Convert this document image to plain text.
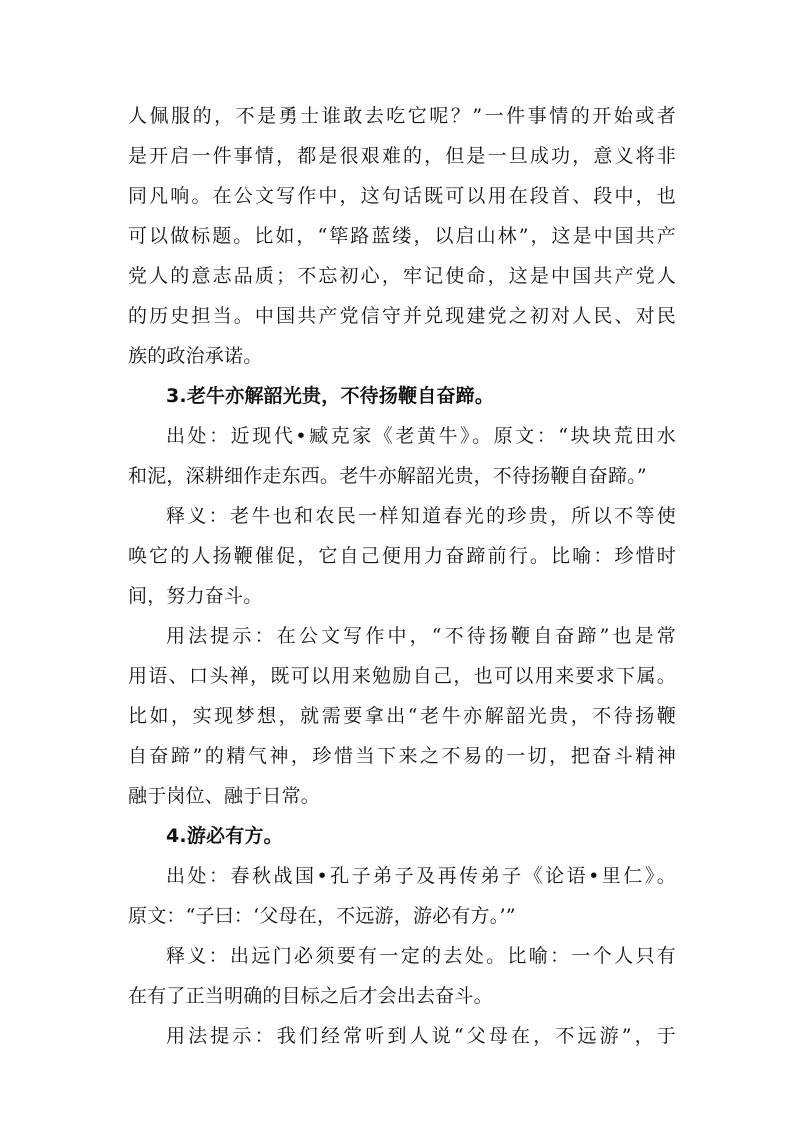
人佩服的，不是勇士谁敢去吃它呢？”一件事情的开始或者
是开启一件事情，都是很艰难的，但是一旦成功，意义将非
同凡响。在公文写作中，这句话既可以用在段首、段中，也
可以做标题。比如，“筚路蓝缕，以启山林”，这是中国共产
党人的意志品质；不忘初心，牢记使命，这是中国共产党人
的历史担当。中国共产党信守并兑现建党之初对人民、对民
族的政治承诺。
3.老牛亦解韶光贵，不待扬鞭自奋蹄。
出处：近现代•臧克家《老黄牛》。原文：“块块荒田水
和泥，深耕细作走东西。老牛亦解韶光贵，不待扬鞭自奋蹄。”
释义：老牛也和农民一样知道春光的珍贵，所以不等使
唤它的人扬鞭催促，它自己便用力奋蹄前行。比喻：珍惜时
间，努力奋斗。
用法提示：在公文写作中，“不待扬鞭自奋蹄”也是常
用语、口头禅，既可以用来勉励自己，也可以用来要求下属。
比如，实现梦想，就需要拿出“老牛亦解韶光贵，不待扬鞭
自奋蹄”的精气神，珍惜当下来之不易的一切，把奋斗精神
融于岗位、融于日常。
4.游必有方。
出处：春秋战国•孔子弟子及再传弟子《论语•里仁》。
原文：“子曰：‘父母在，不远游，游必有方。’”
释义：出远门必须要有一定的去处。比喻：一个人只有
在有了正当明确的目标之后才会出去奋斗。
用法提示：我们经常听到人说“父母在，不远游”，于
